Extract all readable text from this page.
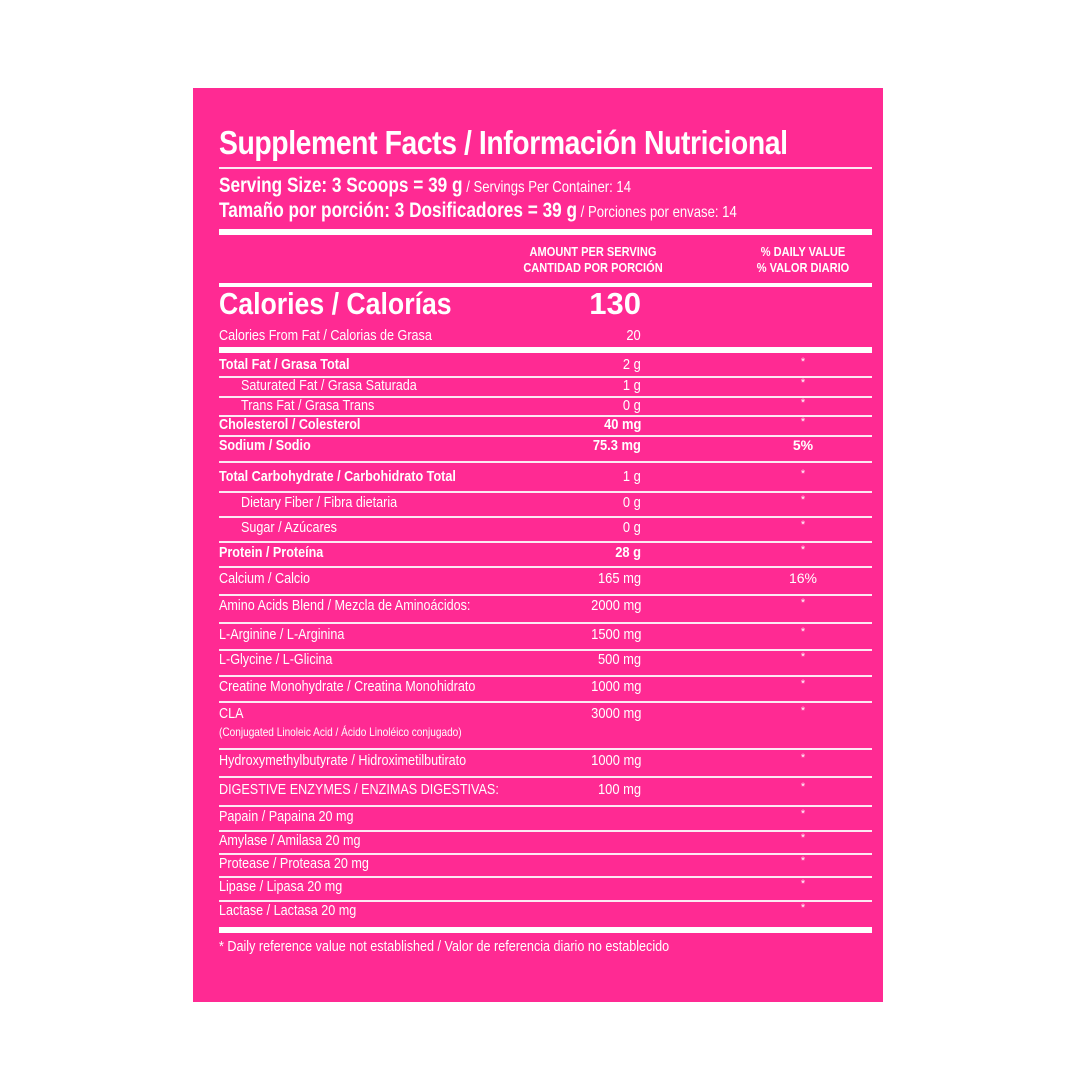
Supplement Facts / Información Nutricional
Serving Size: 3 Scoops = 39 g / Servings Per Container: 14
Tamaño por porción: 3 Dosificadores = 39 g / Porciones por envase: 14
AMOUNT PER SERVING
CANTIDAD POR PORCIÓN
% DAILY VALUE
% VALOR DIARIO
Calories / Calorías	130
Calories From Fat / Calorias de Grasa	20
Total Fat / Grasa Total	2 g	*
Saturated Fat / Grasa Saturada	1 g	*
Trans Fat / Grasa Trans	0 g	*
Cholesterol / Colesterol	40 mg	*
Sodium / Sodio	75.3 mg	5%
Total Carbohydrate / Carbohidrato Total	1 g	*
Dietary Fiber / Fibra dietaria	0 g	*
Sugar / Azúcares	0 g	*
Protein / Proteína	28 g	*
Calcium / Calcio	165 mg	16%
Amino Acids Blend / Mezcla de Aminoácidos:	2000 mg	*
L-Arginine / L-Arginina	1500 mg	*
L-Glycine / L-Glicina	500 mg	*
Creatine Monohydrate / Creatina Monohidrato	1000 mg	*
CLA
(Conjugated Linoleic Acid / Ácido Linoléico conjugado)
3000 mg	*
Hydroxymethylbutyrate / Hidroximetilbutirato	1000 mg	*
DIGESTIVE ENZYMES / ENZIMAS DIGESTIVAS:	100 mg	*
Papain / Papaina 20 mg	*
Amylase / Amilasa 20 mg	*
Protease / Proteasa 20 mg	*
Lipase / Lipasa 20 mg	*
Lactase / Lactasa 20 mg	*
* Daily reference value not established / Valor de referencia diario no establecido
